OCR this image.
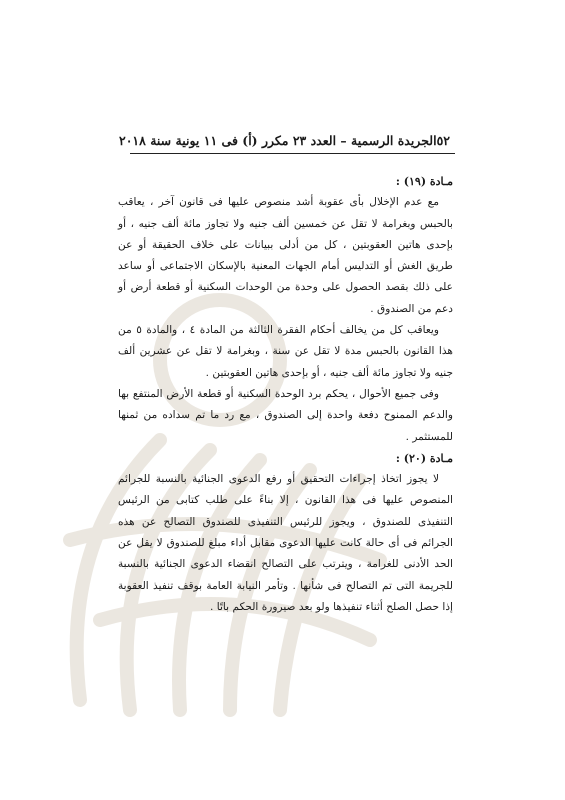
٥٢
الجريدة الرسمية – العدد ٢٣ مكرر (أ) فى ١١ يونية سنة ٢٠١٨

مـادة (١٩) :

مع عدم الإخلال بأى عقوبة أشد منصوص عليها فى قانون آخر ، يعاقب بالحبس وبغرامة لا تقل عن خمسين ألف جنيه ولا تجاوز مائة ألف جنيه ، أو بإحدى هاتين العقوبتين ، كل من أدلى ببيانات على خلاف الحقيقة أو عن طريق الغش أو التدليس أمام الجهات المعنية بالإسكان الاجتماعى أو ساعد على ذلك بقصد الحصول على وحدة من الوحدات السكنية أو قطعة أرض أو دعم من الصندوق .

ويعاقب كل من يخالف أحكام الفقرة الثالثة من المادة ٤ ، والمادة ٥ من هذا القانون بالحبس مدة لا تقل عن سنة ، وبغرامة لا تقل عن عشرين ألف جنيه ولا تجاوز مائة ألف جنيه ، أو بإحدى هاتين العقوبتين .

وفى جميع الأحوال ، يحكم برد الوحدة السكنية أو قطعة الأرض المنتفع بها والدعم الممنوح دفعة واحدة إلى الصندوق ، مع رد ما تم سداده من ثمنها للمستثمر .

مـادة (٢٠) :

لا يجوز اتخاذ إجراءات التحقيق أو رفع الدعوى الجنائية بالنسبة للجرائم المنصوص عليها فى هذا القانون ، إلا بناءً على طلب كتابى من الرئيس التنفيذى للصندوق ، ويجوز للرئيس التنفيذى للصندوق التصالح عن هذه الجرائم فى أى حالة كانت عليها الدعوى مقابل أداء مبلغ للصندوق لا يقل عن الحد الأدنى للغرامة ، ويترتب على التصالح انقضاء الدعوى الجنائية بالنسبة للجريمة التى تم التصالح فى شأنها . وتأمر النيابة العامة بوقف تنفيذ العقوبة إذا حصل الصلح أثناء تنفيذها ولو بعد صيرورة الحكم باتًا .
